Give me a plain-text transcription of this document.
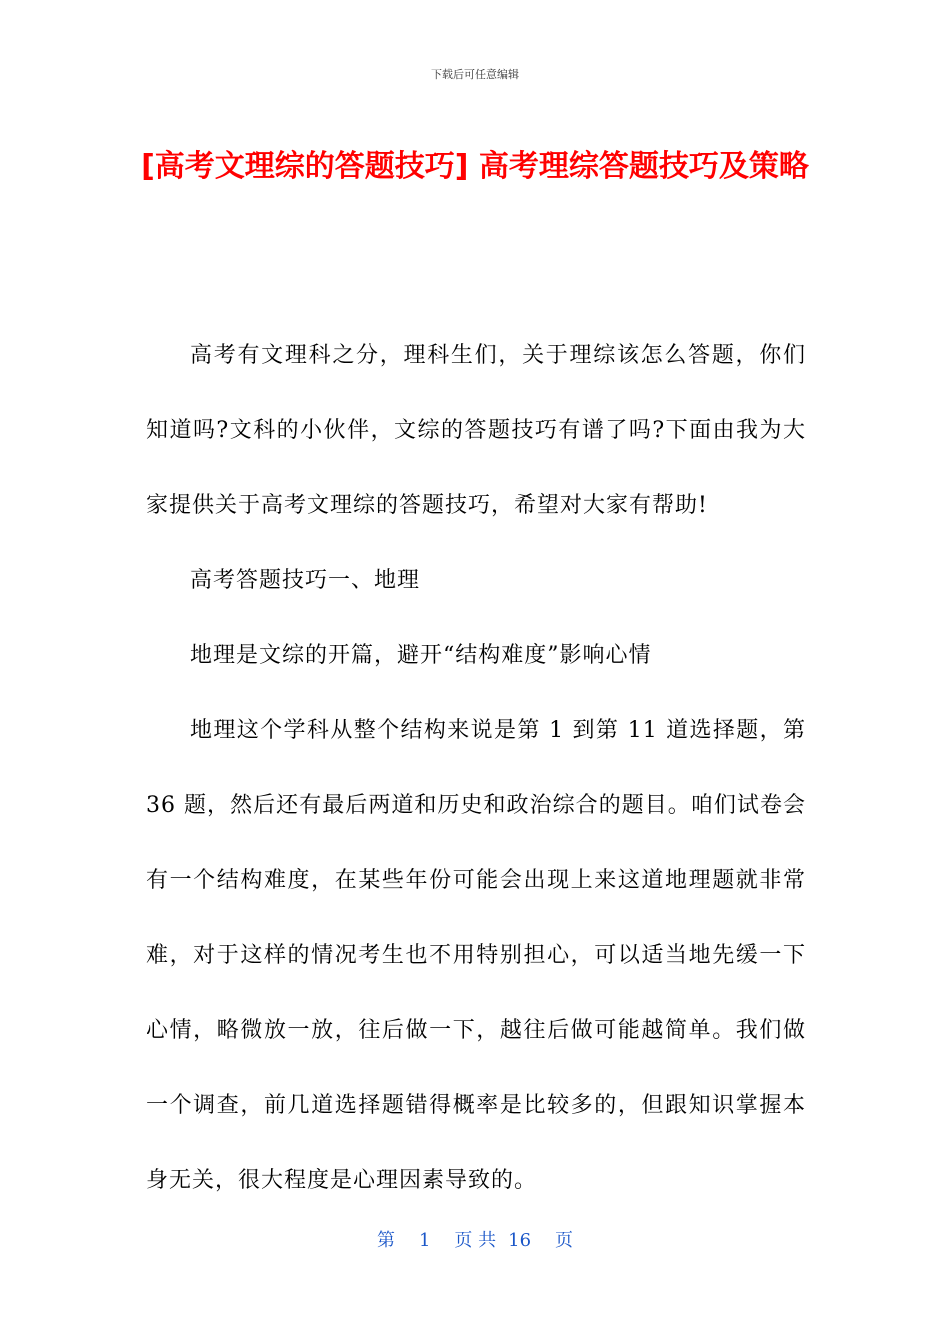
下载后可任意编辑
[高考文理综的答题技巧] 高考理综答题技巧及策略

高考有文理科之分，理科生们，关于理综该怎么答题，你们知道吗?文科的小伙伴，文综的答题技巧有谱了吗?下面由我为大家提供关于高考文理综的答题技巧，希望对大家有帮助!

高考答题技巧一、地理

地理是文综的开篇，避开“结构难度”影响心情

地理这个学科从整个结构来说是第 1 到第 11 道选择题，第 36 题，然后还有最后两道和历史和政治综合的题目。咱们试卷会有一个结构难度，在某些年份可能会出现上来这道地理题就非常难，对于这样的情况考生也不用特别担心，可以适当地先缓一下心情，略微放一放，往后做一下，越往后做可能越简单。我们做一个调查，前几道选择题错得概率是比较多的，但跟知识掌握本身无关，很大程度是心理因素导致的。

第 1 页 共 16 页
